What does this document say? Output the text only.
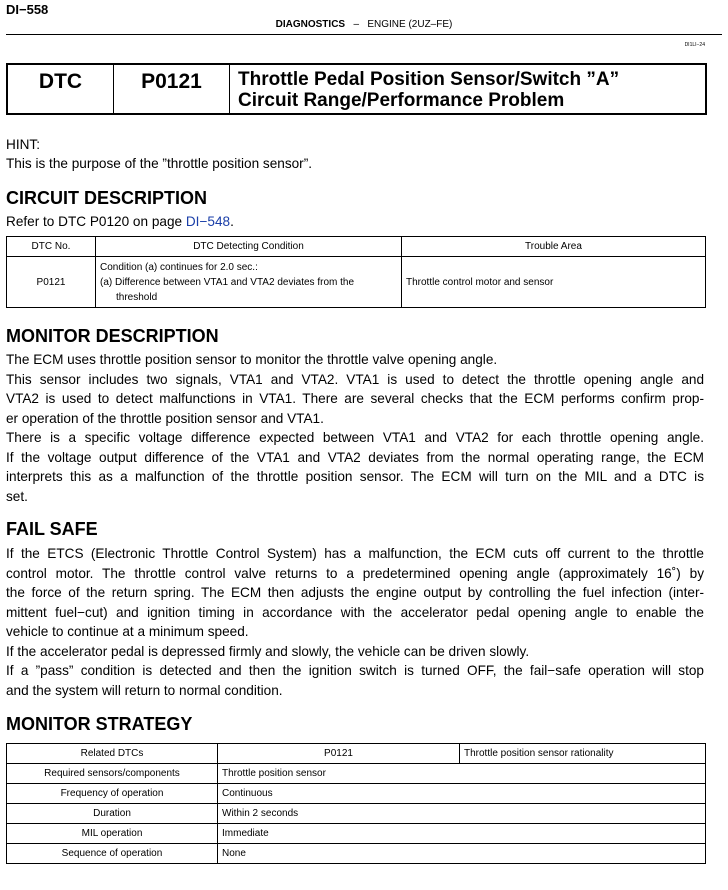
DI−558
DIAGNOSTICS – ENGINE (2UZ–FE)
DI1LI−24
DTC	P0121	Throttle Pedal Position Sensor/Switch ”A”
Circuit Range/Performance Problem
HINT:
This is the purpose of the ”throttle position sensor”.
CIRCUIT DESCRIPTION
Refer to DTC P0120 on page DI−548.
DTC No.	DTC Detecting Condition	Trouble Area
P0121	Condition (a) continues for 2.0 sec.:
(a) Difference between VTA1 and VTA2 deviates from the
threshold	Throttle control motor and sensor
MONITOR DESCRIPTION
The ECM uses throttle position sensor to monitor the throttle valve opening angle.
This sensor includes two signals, VTA1 and VTA2. VTA1 is used to detect the throttle opening angle and
VTA2 is used to detect malfunctions in VTA1. There are several checks that the ECM performs confirm prop-
er operation of the throttle position sensor and VTA1.
There is a specific voltage difference expected between VTA1 and VTA2 for each throttle opening angle.
If the voltage output difference of the VTA1 and VTA2 deviates from the normal operating range, the ECM
interprets this as a malfunction of the throttle position sensor. The ECM will turn on the MIL and a DTC is
set.
FAIL SAFE
If the ETCS (Electronic Throttle Control System) has a malfunction, the ECM cuts off current to the throttle
control motor. The throttle control valve returns to a predetermined opening angle (approximately 16˚) by
the force of the return spring. The ECM then adjusts the engine output by controlling the fuel infection (inter-
mittent fuel−cut) and ignition timing in accordance with the accelerator pedal opening angle to enable the
vehicle to continue at a minimum speed.
If the accelerator pedal is depressed firmly and slowly, the vehicle can be driven slowly.
If a ”pass” condition is detected and then the ignition switch is turned OFF, the fail−safe operation will stop
and the system will return to normal condition.
MONITOR STRATEGY
Related DTCs	P0121	Throttle position sensor rationality
Required sensors/components	Throttle position sensor	
Frequency of operation	Continuous	
Duration	Within 2 seconds	
MIL operation	Immediate	
Sequence of operation	None	
